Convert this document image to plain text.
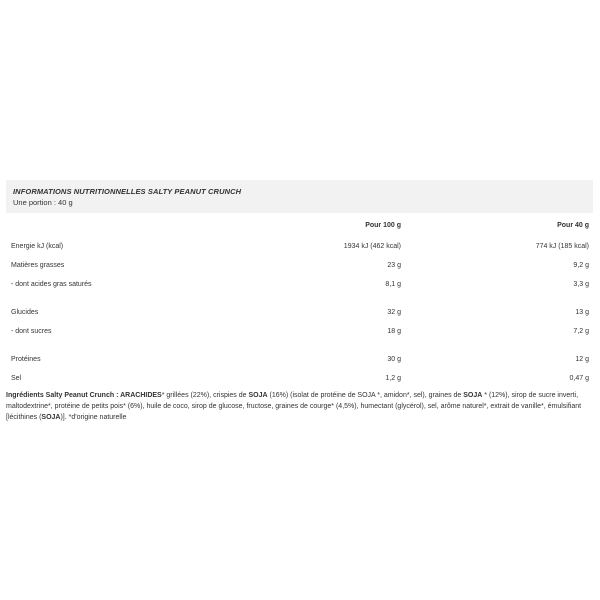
INFORMATIONS NUTRITIONNELLES SALTY PEANUT CRUNCH
Une portion : 40 g
	Pour 100 g	Pour 40 g
Energie kJ (kcal)	1934 kJ (462 kcal)	774 kJ (185 kcal)
Matières grasses	23 g	9,2 g
- dont acides gras saturés	8,1 g	3,3 g

Glucides	32 g	13 g
- dont sucres	18 g	7,2 g

Protéines	30 g	12 g
Sel	1,2 g	0,47 g
Ingrédients Salty Peanut Crunch : ARACHIDES* grillées (22%), crispies de SOJA (16%) (isolat de protéine de SOJA *, amidon*, sel), graines de SOJA * (12%), sirop de sucre inverti, maltodextrine*, protéine de petits pois* (6%), huile de coco, sirop de glucose, fructose, graines de courge* (4,5%), humectant (glycérol), sel, arôme naturel*, extrait de vanille*, émulsifiant [lécithines (SOJA)]. *d'origine naturelle
